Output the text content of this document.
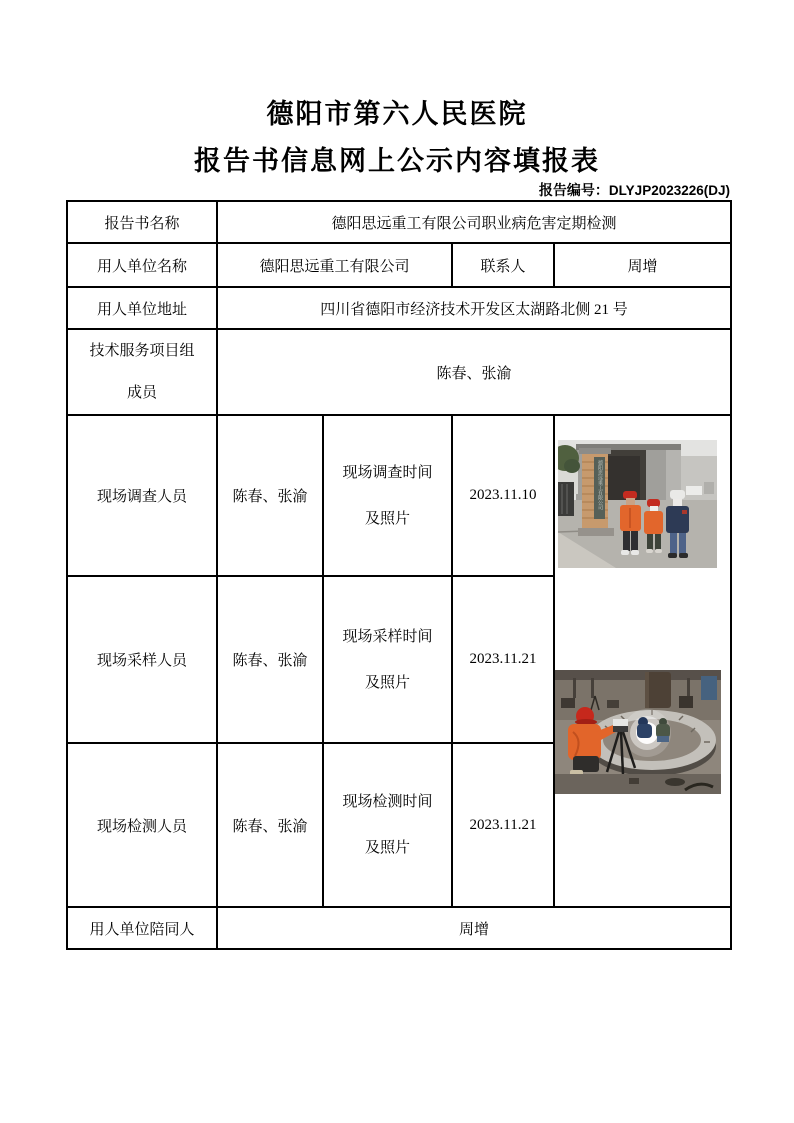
德阳市第六人民医院
报告书信息网上公示内容填报表
报告编号：DLYJP2023226(DJ)
报告书名称	德阳思远重工有限公司职业病危害定期检测			
用人单位名称	德阳思远重工有限公司		联系人	周增
用人单位地址	四川省德阳市经济技术开发区太湖路北侧 21 号			

技术服务项目组
成员	陈春、张渝			
现场调查人员	陈春、张渝	现场调查时间
及照片	2023.11.10	德阳思远重工有限公司

现场采样人员	陈春、张渝	现场采样时间
及照片	2023.11.21	
现场检测人员	陈春、张渝	现场检测时间
及照片	2023.11.21	
用人单位陪同人	周增			
